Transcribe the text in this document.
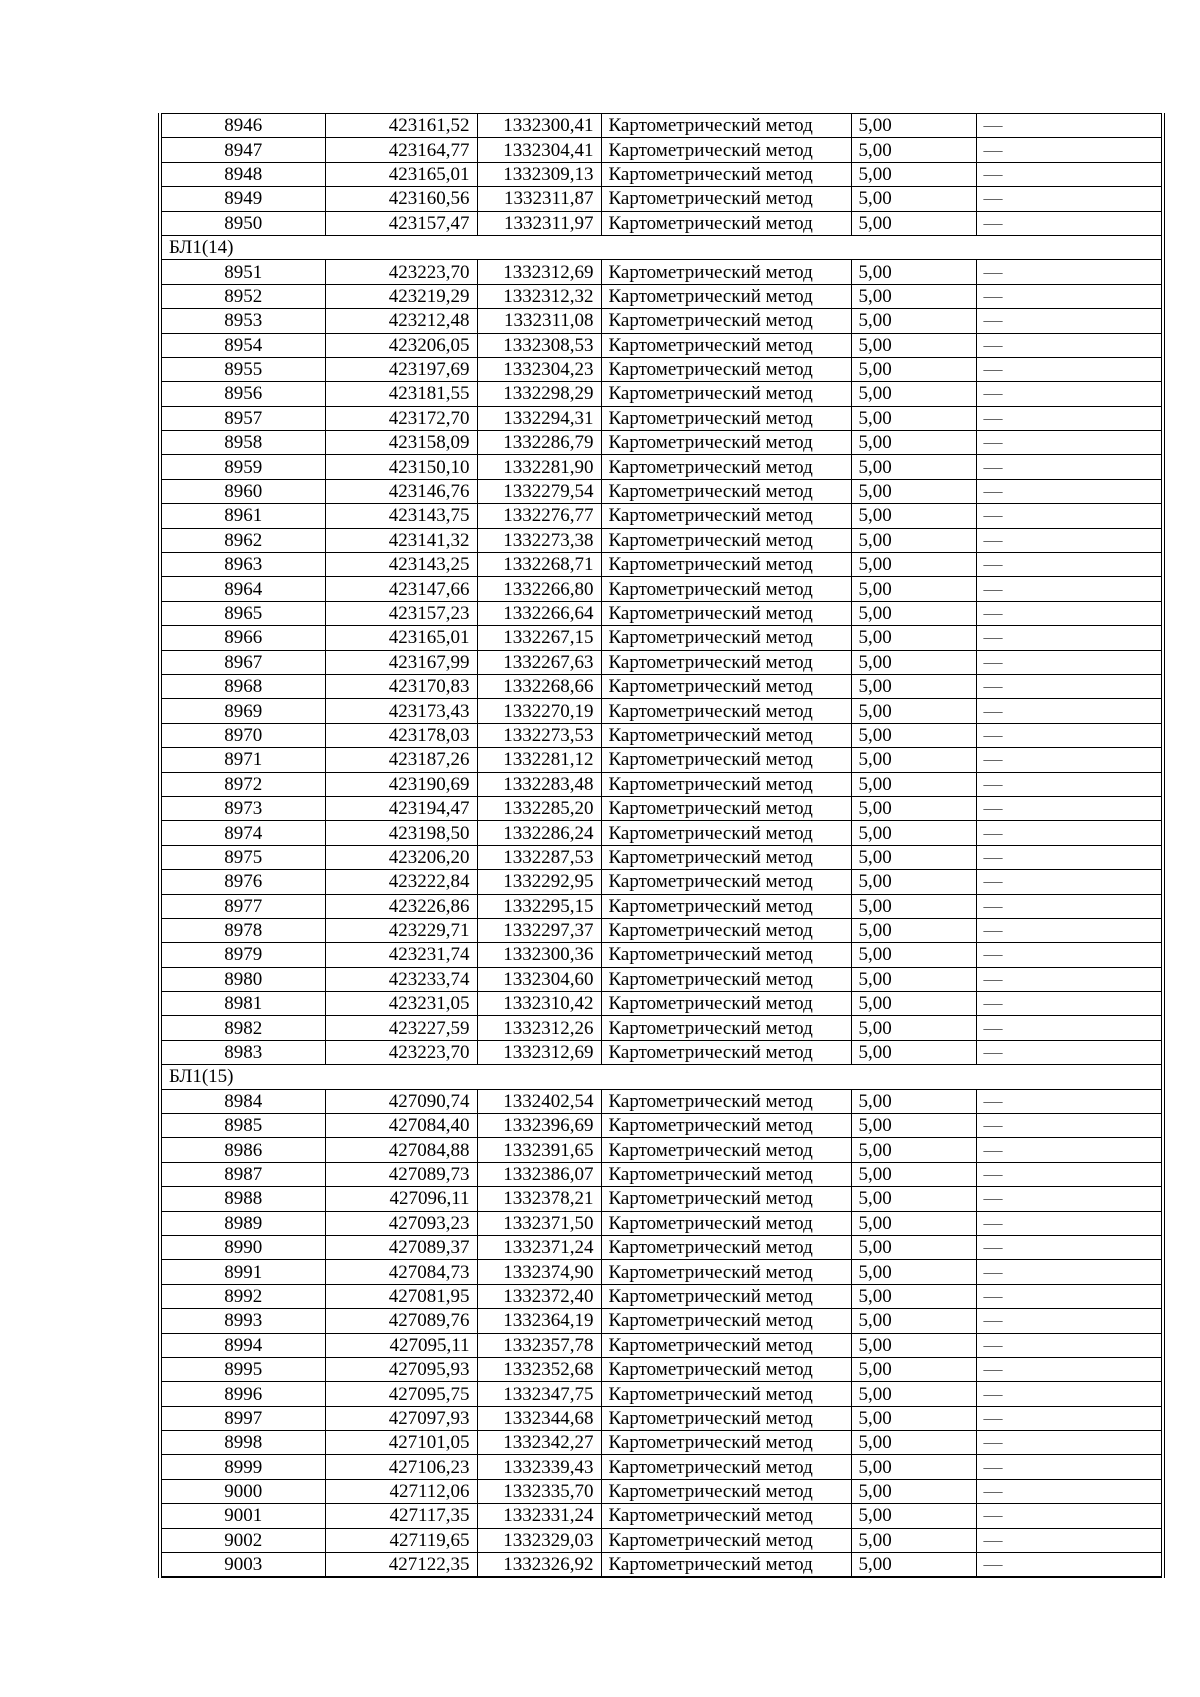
8946	423161,52	1332300,41	Картометрический метод	5,00	—
8947	423164,77	1332304,41	Картометрический метод	5,00	—
8948	423165,01	1332309,13	Картометрический метод	5,00	—
8949	423160,56	1332311,87	Картометрический метод	5,00	—
8950	423157,47	1332311,97	Картометрический метод	5,00	—
БЛ1(14)					
8951	423223,70	1332312,69	Картометрический метод	5,00	—
8952	423219,29	1332312,32	Картометрический метод	5,00	—
8953	423212,48	1332311,08	Картометрический метод	5,00	—
8954	423206,05	1332308,53	Картометрический метод	5,00	—
8955	423197,69	1332304,23	Картометрический метод	5,00	—
8956	423181,55	1332298,29	Картометрический метод	5,00	—
8957	423172,70	1332294,31	Картометрический метод	5,00	—
8958	423158,09	1332286,79	Картометрический метод	5,00	—
8959	423150,10	1332281,90	Картометрический метод	5,00	—
8960	423146,76	1332279,54	Картометрический метод	5,00	—
8961	423143,75	1332276,77	Картометрический метод	5,00	—
8962	423141,32	1332273,38	Картометрический метод	5,00	—
8963	423143,25	1332268,71	Картометрический метод	5,00	—
8964	423147,66	1332266,80	Картометрический метод	5,00	—
8965	423157,23	1332266,64	Картометрический метод	5,00	—
8966	423165,01	1332267,15	Картометрический метод	5,00	—
8967	423167,99	1332267,63	Картометрический метод	5,00	—
8968	423170,83	1332268,66	Картометрический метод	5,00	—
8969	423173,43	1332270,19	Картометрический метод	5,00	—
8970	423178,03	1332273,53	Картометрический метод	5,00	—
8971	423187,26	1332281,12	Картометрический метод	5,00	—
8972	423190,69	1332283,48	Картометрический метод	5,00	—
8973	423194,47	1332285,20	Картометрический метод	5,00	—
8974	423198,50	1332286,24	Картометрический метод	5,00	—
8975	423206,20	1332287,53	Картометрический метод	5,00	—
8976	423222,84	1332292,95	Картометрический метод	5,00	—
8977	423226,86	1332295,15	Картометрический метод	5,00	—
8978	423229,71	1332297,37	Картометрический метод	5,00	—
8979	423231,74	1332300,36	Картометрический метод	5,00	—
8980	423233,74	1332304,60	Картометрический метод	5,00	—
8981	423231,05	1332310,42	Картометрический метод	5,00	—
8982	423227,59	1332312,26	Картометрический метод	5,00	—
8983	423223,70	1332312,69	Картометрический метод	5,00	—
БЛ1(15)					
8984	427090,74	1332402,54	Картометрический метод	5,00	—
8985	427084,40	1332396,69	Картометрический метод	5,00	—
8986	427084,88	1332391,65	Картометрический метод	5,00	—
8987	427089,73	1332386,07	Картометрический метод	5,00	—
8988	427096,11	1332378,21	Картометрический метод	5,00	—
8989	427093,23	1332371,50	Картометрический метод	5,00	—
8990	427089,37	1332371,24	Картометрический метод	5,00	—
8991	427084,73	1332374,90	Картометрический метод	5,00	—
8992	427081,95	1332372,40	Картометрический метод	5,00	—
8993	427089,76	1332364,19	Картометрический метод	5,00	—
8994	427095,11	1332357,78	Картометрический метод	5,00	—
8995	427095,93	1332352,68	Картометрический метод	5,00	—
8996	427095,75	1332347,75	Картометрический метод	5,00	—
8997	427097,93	1332344,68	Картометрический метод	5,00	—
8998	427101,05	1332342,27	Картометрический метод	5,00	—
8999	427106,23	1332339,43	Картометрический метод	5,00	—
9000	427112,06	1332335,70	Картометрический метод	5,00	—
9001	427117,35	1332331,24	Картометрический метод	5,00	—
9002	427119,65	1332329,03	Картометрический метод	5,00	—
9003	427122,35	1332326,92	Картометрический метод	5,00	—
